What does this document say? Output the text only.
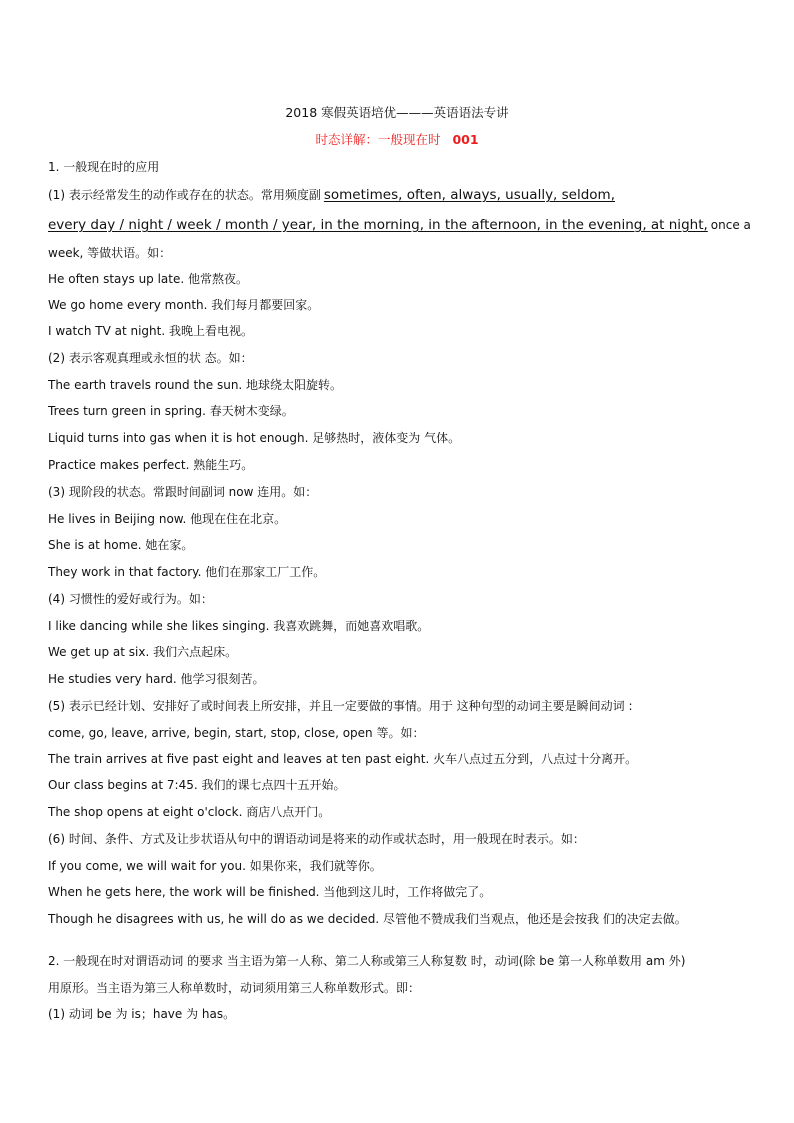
2018 寒假英语培优———英语语法专讲
时态详解：一般现在时 001
1. 一般现在时的应用
(1) 表示经常发生的动作或存在的状态。常用频度副 sometimes, often, always, usually, seldom,
every day / night / week / month / year, in the morning, in the afternoon, in the evening, at night, once a
week, 等做状语。如：
He often stays up late. 他常熬夜。
We go home every month. 我们每月都要回家。
I watch TV at night. 我晚上看电视。
(2) 表示客观真理或永恒的状 态。如：
The earth travels round the sun. 地球绕太阳旋转。
Trees turn green in spring. 春天树木变绿。
Liquid turns into gas when it is hot enough. 足够热时，液体变为 气体。
Practice makes perfect. 熟能生巧。
(3) 现阶段的状态。常跟时间副词 now 连用。如：
He lives in Beijing now. 他现在住在北京。
She is at home. 她在家。
They work in that factory. 他们在那家工厂工作。
(4) 习惯性的爱好或行为。如：
I like dancing while she likes singing. 我喜欢跳舞，而她喜欢唱歌。
We get up at six. 我们六点起床。
He studies very hard. 他学习很刻苦。
(5) 表示已经计划、安排好了或时间表上所安排，并且一定要做的事情。用于 这种句型的动词主要是瞬间动词 :
come, go, leave, arrive, begin, start, stop, close, open 等。如：
The train arrives at five past eight and leaves at ten past eight. 火车八点过五分到，八点过十分离开。
Our class begins at 7:45. 我们的课七点四十五开始。
The shop opens at eight o'clock. 商店八点开门。
(6) 时间、条件、方式及让步状语从句中的谓语动词是将来的动作或状态时，用一般现在时表示。如：
If you come, we will wait for you. 如果你来，我们就等你。
When he gets here, the work will be finished. 当他到这儿时，工作将做完了。
Though he disagrees with us, he will do as we decided. 尽管他不赞成我们当观点，他还是会按我 们的决定去做。
2. 一般现在时对谓语动词 的要求 当主语为第一人称、第二人称或第三人称复数 时，动词(除 be 第一人称单数用 am 外)
用原形。当主语为第三人称单数时，动词须用第三人称单数形式。即：
(1) 动词 be 为 is；have 为 has。
